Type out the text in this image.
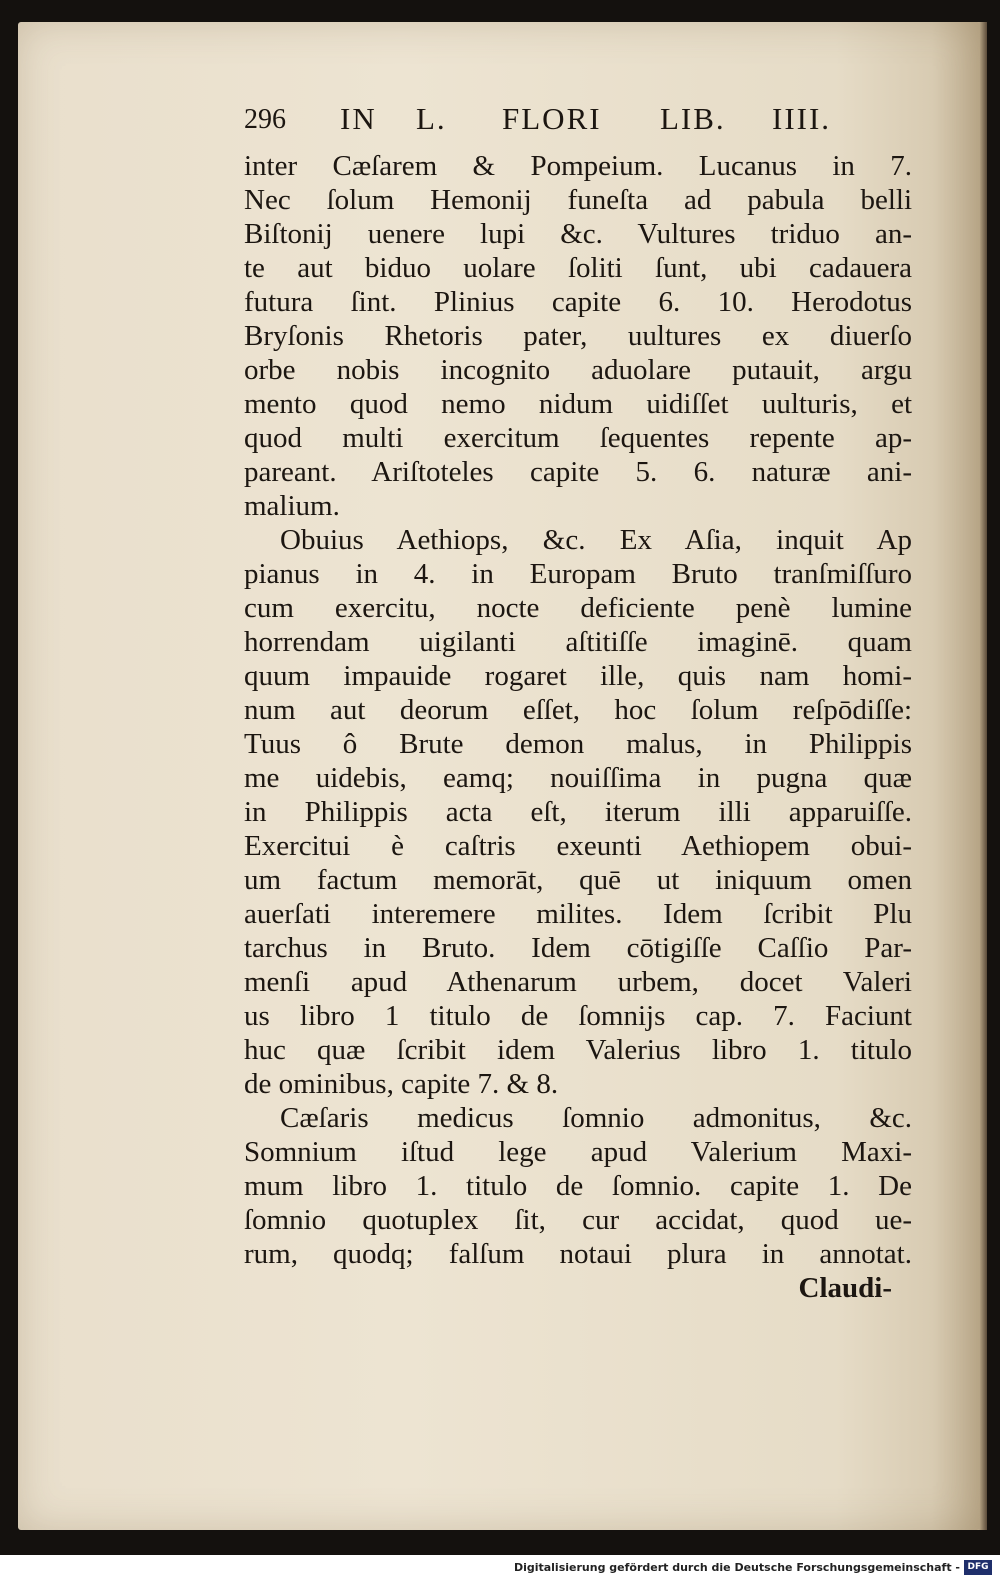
296 IN L. FLORI LIB. IIII.
inter Cæſarem & Pompeium. Lucanus in 7.
Nec ſolum Hemonij funeſta ad pabula belli
Biſtonij uenere lupi &c. Vultures triduo an-
te aut biduo uolare ſoliti ſunt, ubi cadauera
futura ſint. Plinius capite 6. 10. Herodotus
Bryſonis Rhetoris pater, uultures ex diuerſo
orbe nobis incognito aduolare putauit, argu
mento quod nemo nidum uidiſſet uulturis, et
quod multi exercitum ſequentes repente ap-
pareant. Ariſtoteles capite 5. 6. naturæ ani-
malium.
Obuius Aethiops, &c. Ex Aſia, inquit Ap
pianus in 4. in Europam Bruto tranſmiſſuro
cum exercitu, nocte deficiente penè lumine
horrendam uigilanti aſtitiſſe imaginē. quam
quum impauide rogaret ille, quis nam homi-
num aut deorum eſſet, hoc ſolum reſpōdiſſe:
Tuus ô Brute demon malus, in Philippis
me uidebis, eamq; nouiſſima in pugna quæ
in Philippis acta eſt, iterum illi apparuiſſe.
Exercitui è caſtris exeunti Aethiopem obui-
um factum memorāt, quē ut iniquum omen
auerſati interemere milites. Idem ſcribit Plu
tarchus in Bruto. Idem cōtigiſſe Caſſio Par-
menſi apud Athenarum urbem, docet Valeri
us libro 1 titulo de ſomnijs cap. 7. Faciunt
huc quæ ſcribit idem Valerius libro 1. titulo
de ominibus, capite 7. & 8.
Cæſaris medicus ſomnio admonitus, &c.
Somnium iſtud lege apud Valerium Maxi-
mum libro 1. titulo de ſomnio. capite 1. De
ſomnio quotuplex ſit, cur accidat, quod ue-
rum, quodq; falſum notaui plura in annotat.
Claudi-
Digitalisierung gefördert durch die Deutsche Forschungsgemeinschaft - DFG
